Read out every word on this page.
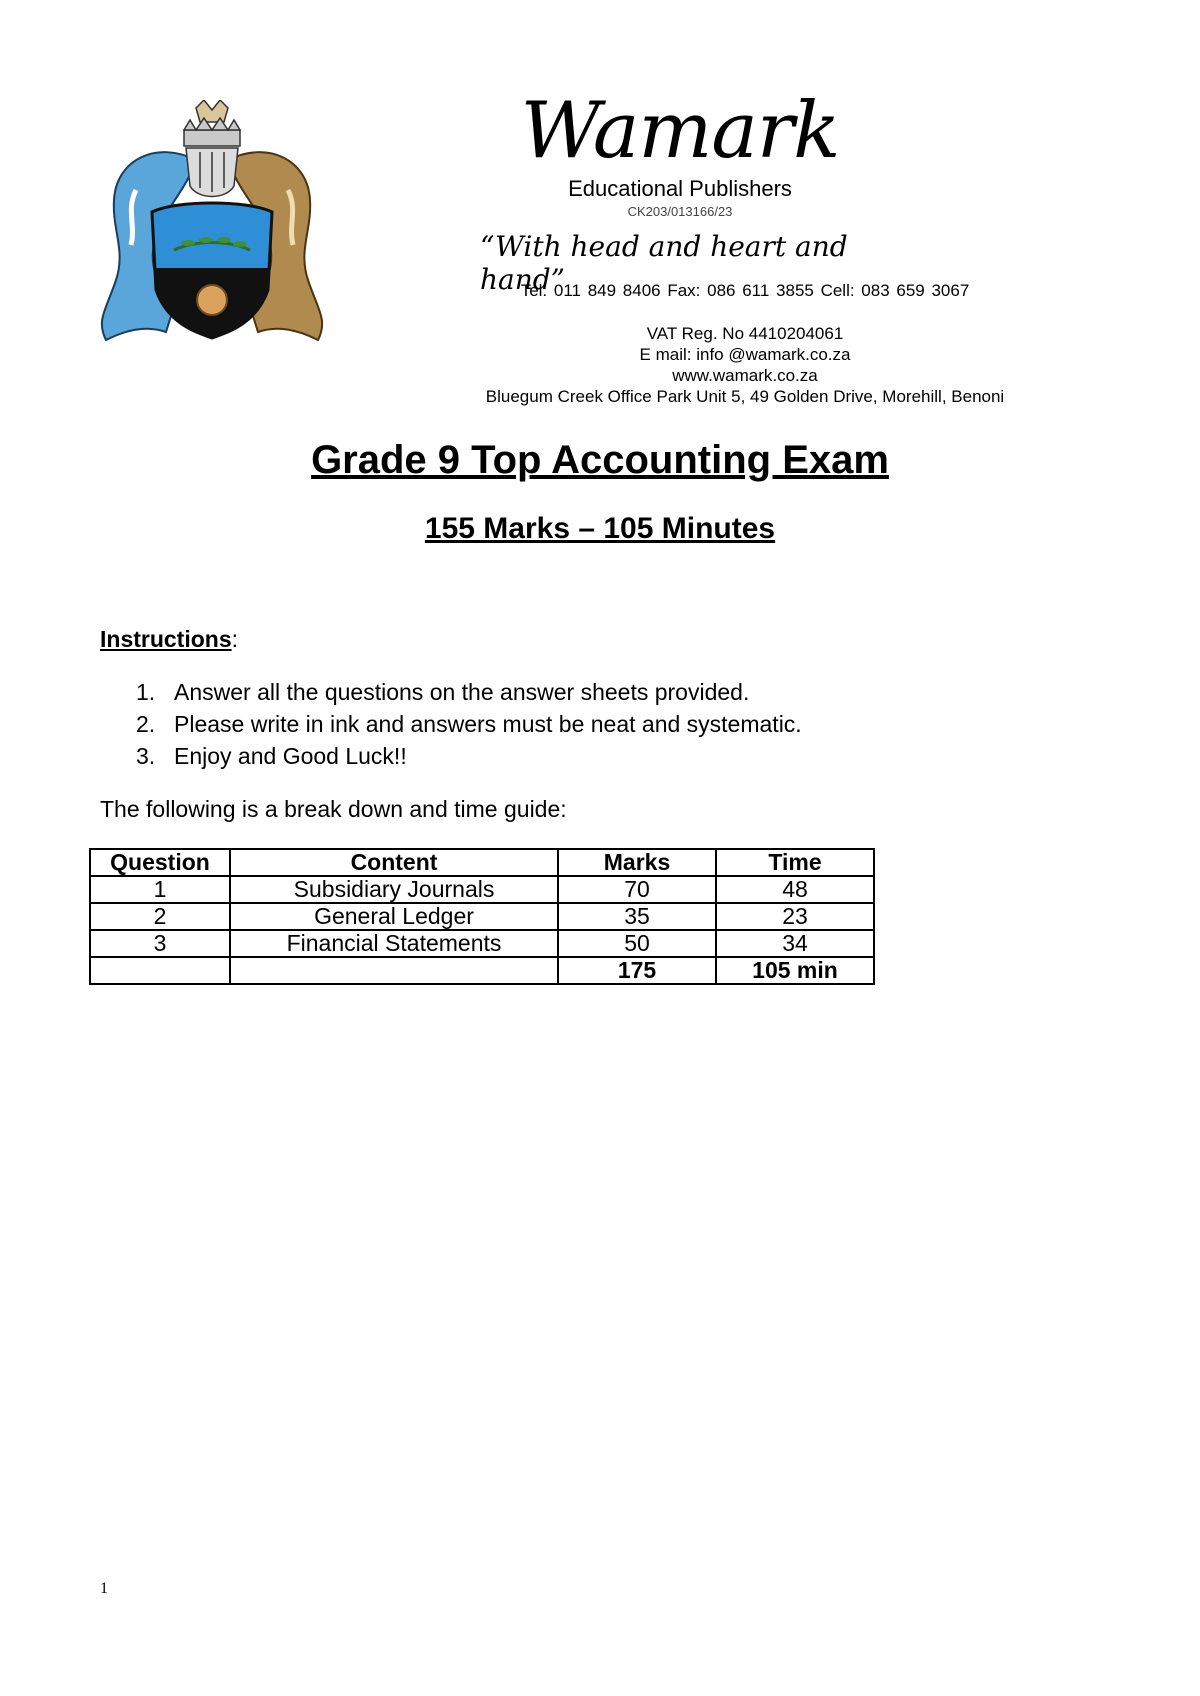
Wamark
Educational Publishers
CK203/013166/23
“With head and heart and hand”
Tel: 011 849 8406 Fax: 086 611 3855 Cell: 083 659 3067
VAT Reg. No 4410204061
E mail: info @wamark.co.za
www.wamark.co.za
Bluegum Creek Office Park Unit 5, 49 Golden Drive, Morehill, Benoni
Grade 9 Top Accounting Exam
155 Marks – 105 Minutes
Instructions:
1. Answer all the questions on the answer sheets provided.
2. Please write in ink and answers must be neat and systematic.
3. Enjoy and Good Luck!!
The following is a break down and time guide:
Question	Content	Marks	Time
1	Subsidiary Journals	70	48
2	General Ledger	35	23
3	Financial Statements	50	34
		175	105 min
1
